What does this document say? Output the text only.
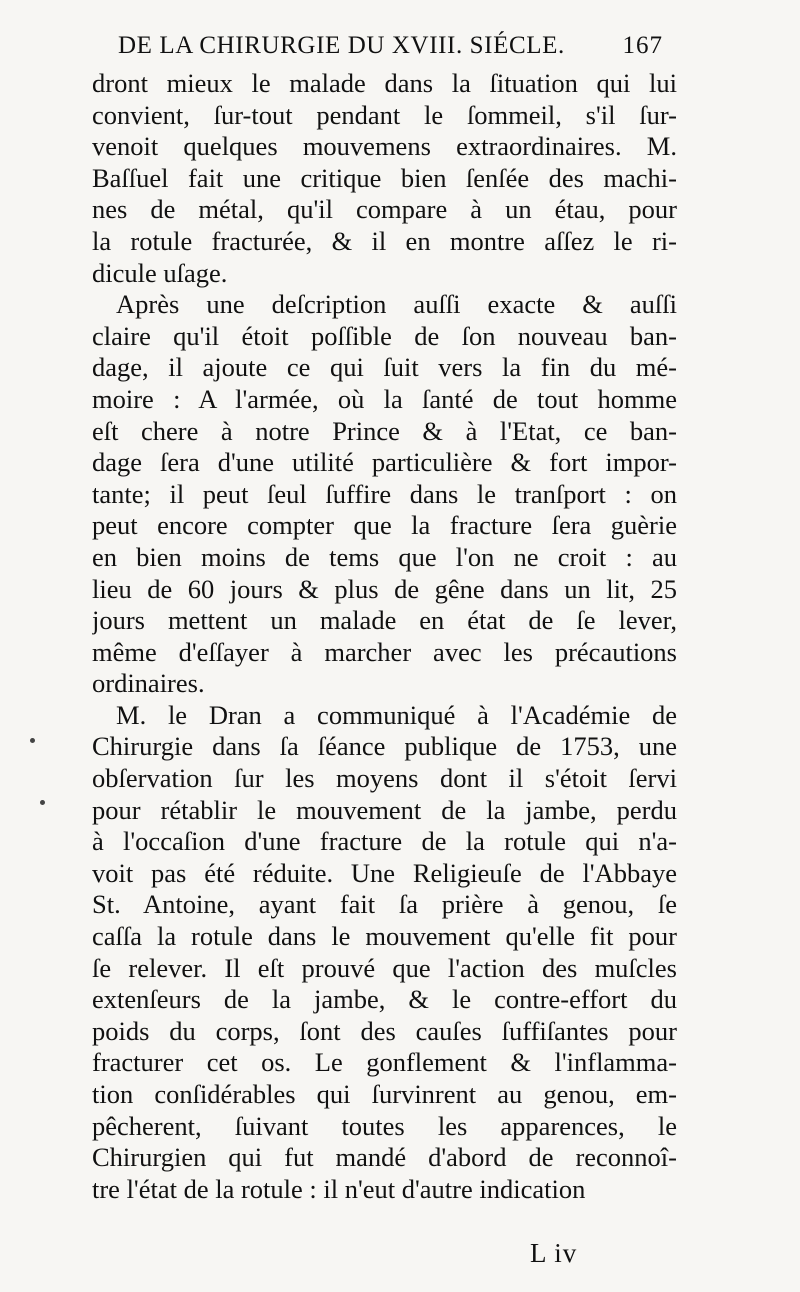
DE LA CHIRURGIE DU XVIII. SIÉCLE. 167
dront mieux le malade dans la ſituation qui lui
convient, ſur-tout pendant le ſommeil, s'il ſur-
venoit quelques mouvemens extraordinaires. M.
Baſſuel fait une critique bien ſenſée des machi-
nes de métal, qu'il compare à un étau, pour
la rotule fracturée, & il en montre aſſez le ri-
dicule uſage.
Après une deſcription auſſi exacte & auſſi
claire qu'il étoit poſſible de ſon nouveau ban-
dage, il ajoute ce qui ſuit vers la fin du mé-
moire : A l'armée, où la ſanté de tout homme
eſt chere à notre Prince & à l'Etat, ce ban-
dage ſera d'une utilité particulière & fort impor-
tante; il peut ſeul ſuffire dans le tranſport : on
peut encore compter que la fracture ſera guèrie
en bien moins de tems que l'on ne croit : au
lieu de 60 jours & plus de gêne dans un lit, 25
jours mettent un malade en état de ſe lever,
même d'eſſayer à marcher avec les précautions
ordinaires.
M. le Dran a communiqué à l'Académie de
Chirurgie dans ſa ſéance publique de 1753, une
obſervation ſur les moyens dont il s'étoit ſervi
pour rétablir le mouvement de la jambe, perdu
à l'occaſion d'une fracture de la rotule qui n'a-
voit pas été réduite. Une Religieuſe de l'Abbaye
St. Antoine, ayant fait ſa prière à genou, ſe
caſſa la rotule dans le mouvement qu'elle fit pour
ſe relever. Il eſt prouvé que l'action des muſcles
extenſeurs de la jambe, & le contre-effort du
poids du corps, ſont des cauſes ſuffiſantes pour
fracturer cet os. Le gonflement & l'inflamma-
tion conſidérables qui ſurvinrent au genou, em-
pêcherent, ſuivant toutes les apparences, le
Chirurgien qui fut mandé d'abord de reconnoî-
tre l'état de la rotule : il n'eut d'autre indication
L iv
